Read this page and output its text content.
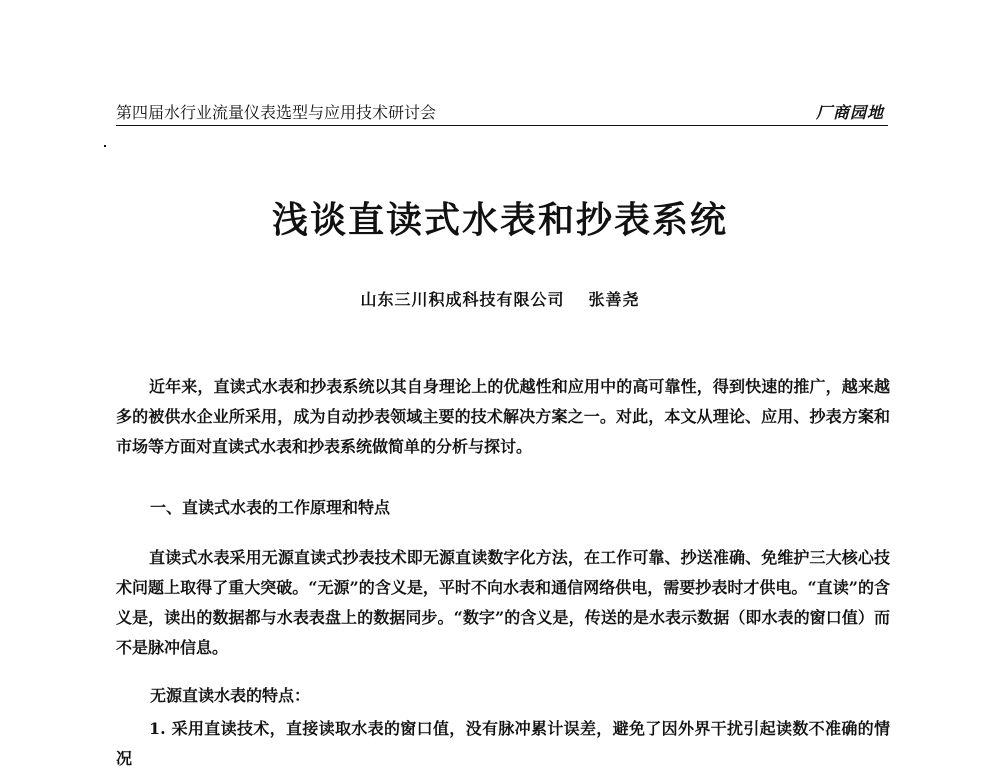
第四届水行业流量仪表选型与应用技术研讨会	厂商园地
浅谈直读式水表和抄表系统
山东三川积成科技有限公司 张善尧
近年来，直读式水表和抄表系统以其自身理论上的优越性和应用中的高可靠性，得到快速的推广，越来越多的被供水企业所采用，成为自动抄表领域主要的技术解决方案之一。对此，本文从理论、应用、抄表方案和市场等方面对直读式水表和抄表系统做简单的分析与探讨。
一、直读式水表的工作原理和特点
直读式水表采用无源直读式抄表技术即无源直读数字化方法，在工作可靠、抄送准确、免维护三大核心技术问题上取得了重大突破。“无源”的含义是，平时不向水表和通信网络供电，需要抄表时才供电。“直读”的含义是，读出的数据都与水表表盘上的数据同步。“数字”的含义是，传送的是水表示数据（即水表的窗口值）而不是脉冲信息。
无源直读水表的特点：
1. 采用直读技术，直接读取水表的窗口值，没有脉冲累计误差，避免了因外界干扰引起读数不准确的情况
